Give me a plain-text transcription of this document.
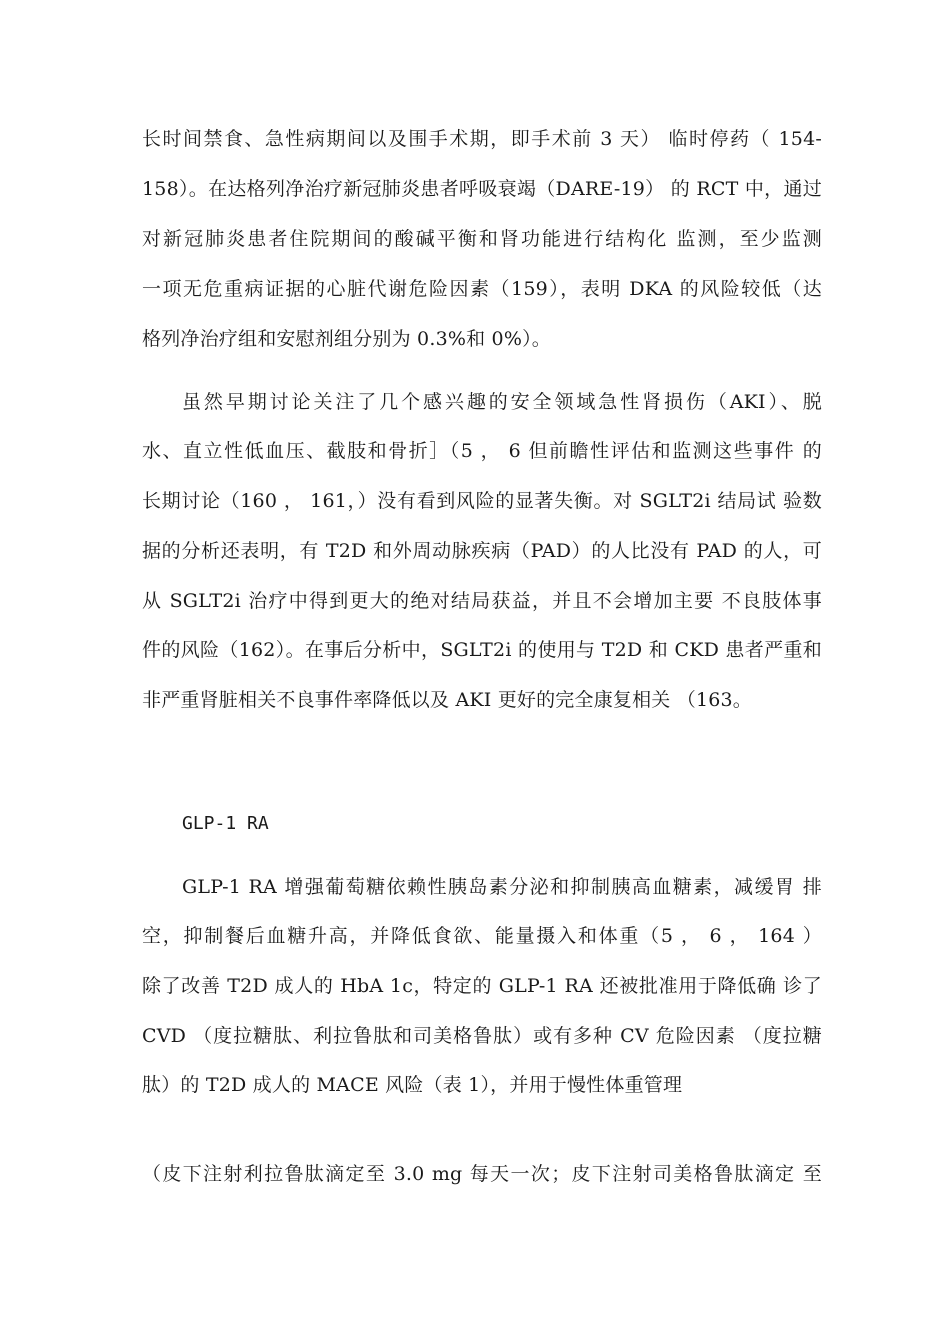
长时间禁食、急性病期间以及围手术期，即手术前 3 天） 临时停药（ 154-
158）。在达格列净治疗新冠肺炎患者呼吸衰竭（DARE-19） 的 RCT 中，通过
对新冠肺炎患者住院期间的酸碱平衡和肾功能进行结构化 监测，至少监测
一项无危重病证据的心脏代谢危险因素（159），表明 DKA 的风险较低（达
格列净治疗组和安慰剂组分别为 0.3%和 0%）。
虽然早期讨论关注了几个感兴趣的安全领域急性肾损伤（AKI）、脱
水、直立性低血压、截肢和骨折］（5 ， 6 但前瞻性评估和监测这些事件 的
长期讨论（160 ， 161，）没有看到风险的显著失衡。对 SGLT2i 结局试 验数
据的分析还表明，有 T2D 和外周动脉疾病（PAD）的人比没有 PAD 的人，可
从 SGLT2i 治疗中得到更大的绝对结局获益，并且不会增加主要 不良肢体事
件的风险（162）。在事后分析中，SGLT2i 的使用与 T2D 和 CKD 患者严重和
非严重肾脏相关不良事件率降低以及 AKI 更好的完全康复相关 （163。
GLP-1 RA
GLP-1 RA 增强葡萄糖依赖性胰岛素分泌和抑制胰高血糖素，减缓胃 排
空，抑制餐后血糖升高，并降低食欲、能量摄入和体重（5 ， 6 ， 164 ）
除了改善 T2D 成人的 HbA 1c，特定的 GLP-1 RA 还被批准用于降低确 诊了
CVD （度拉糖肽、利拉鲁肽和司美格鲁肽）或有多种 CV 危险因素 （度拉糖
肽）的 T2D 成人的 MACE 风险（表 1），并用于慢性体重管理
（皮下注射利拉鲁肽滴定至 3.0 mg 每天一次；皮下注射司美格鲁肽滴定 至
